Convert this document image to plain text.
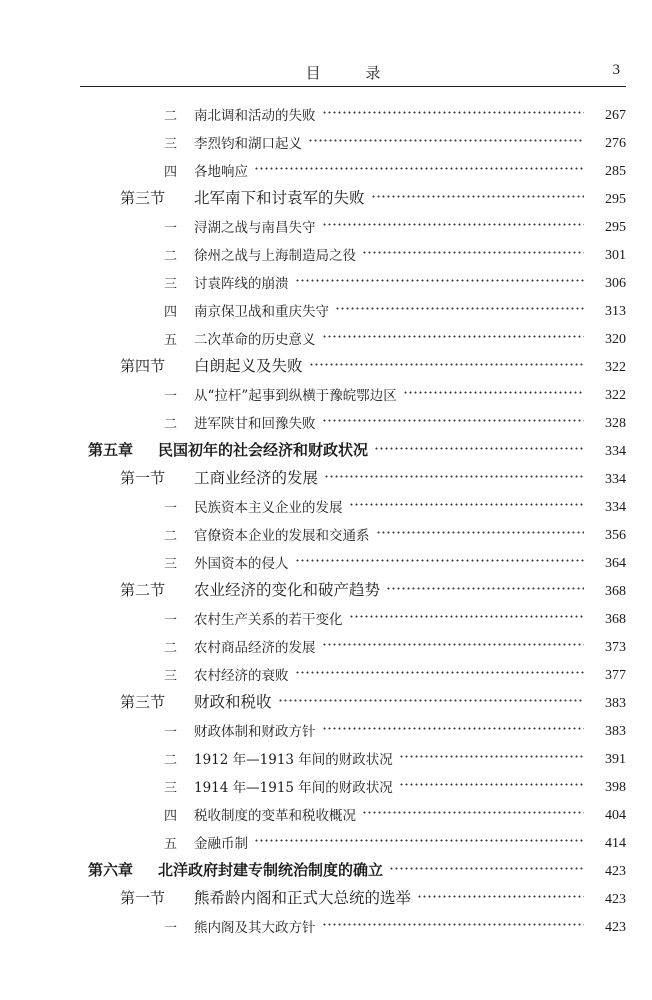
目 录	3
二	南北调和活动的失败	267
三	李烈钧和湖口起义	276
四	各地响应	285
第三节	北军南下和讨袁军的失败	295
一	浔湖之战与南昌失守	295
二	徐州之战与上海制造局之役	301
三	讨袁阵线的崩溃	306
四	南京保卫战和重庆失守	313
五	二次革命的历史意义	320
第四节	白朗起义及失败	322
一	从“拉杆”起事到纵横于豫皖鄂边区	322
二	进军陕甘和回豫失败	328
第五章	民国初年的社会经济和财政状况	334
第一节	工商业经济的发展	334
一	民族资本主义企业的发展	334
二	官僚资本企业的发展和交通系	356
三	外国资本的侵人	364
第二节	农业经济的变化和破产趋势	368
一	农村生产关系的若干变化	368
二	农村商品经济的发展	373
三	农村经济的衰败	377
第三节	财政和税收	383
一	财政体制和财政方针	383
二	1912 年—1913 年间的财政状况	391
三	1914 年—1915 年间的财政状况	398
四	税收制度的变革和税收概况	404
五	金融币制	414
第六章	北洋政府封建专制统治制度的确立	423
第一节	熊希龄内阁和正式大总统的选举	423
一	熊内阁及其大政方针	423
